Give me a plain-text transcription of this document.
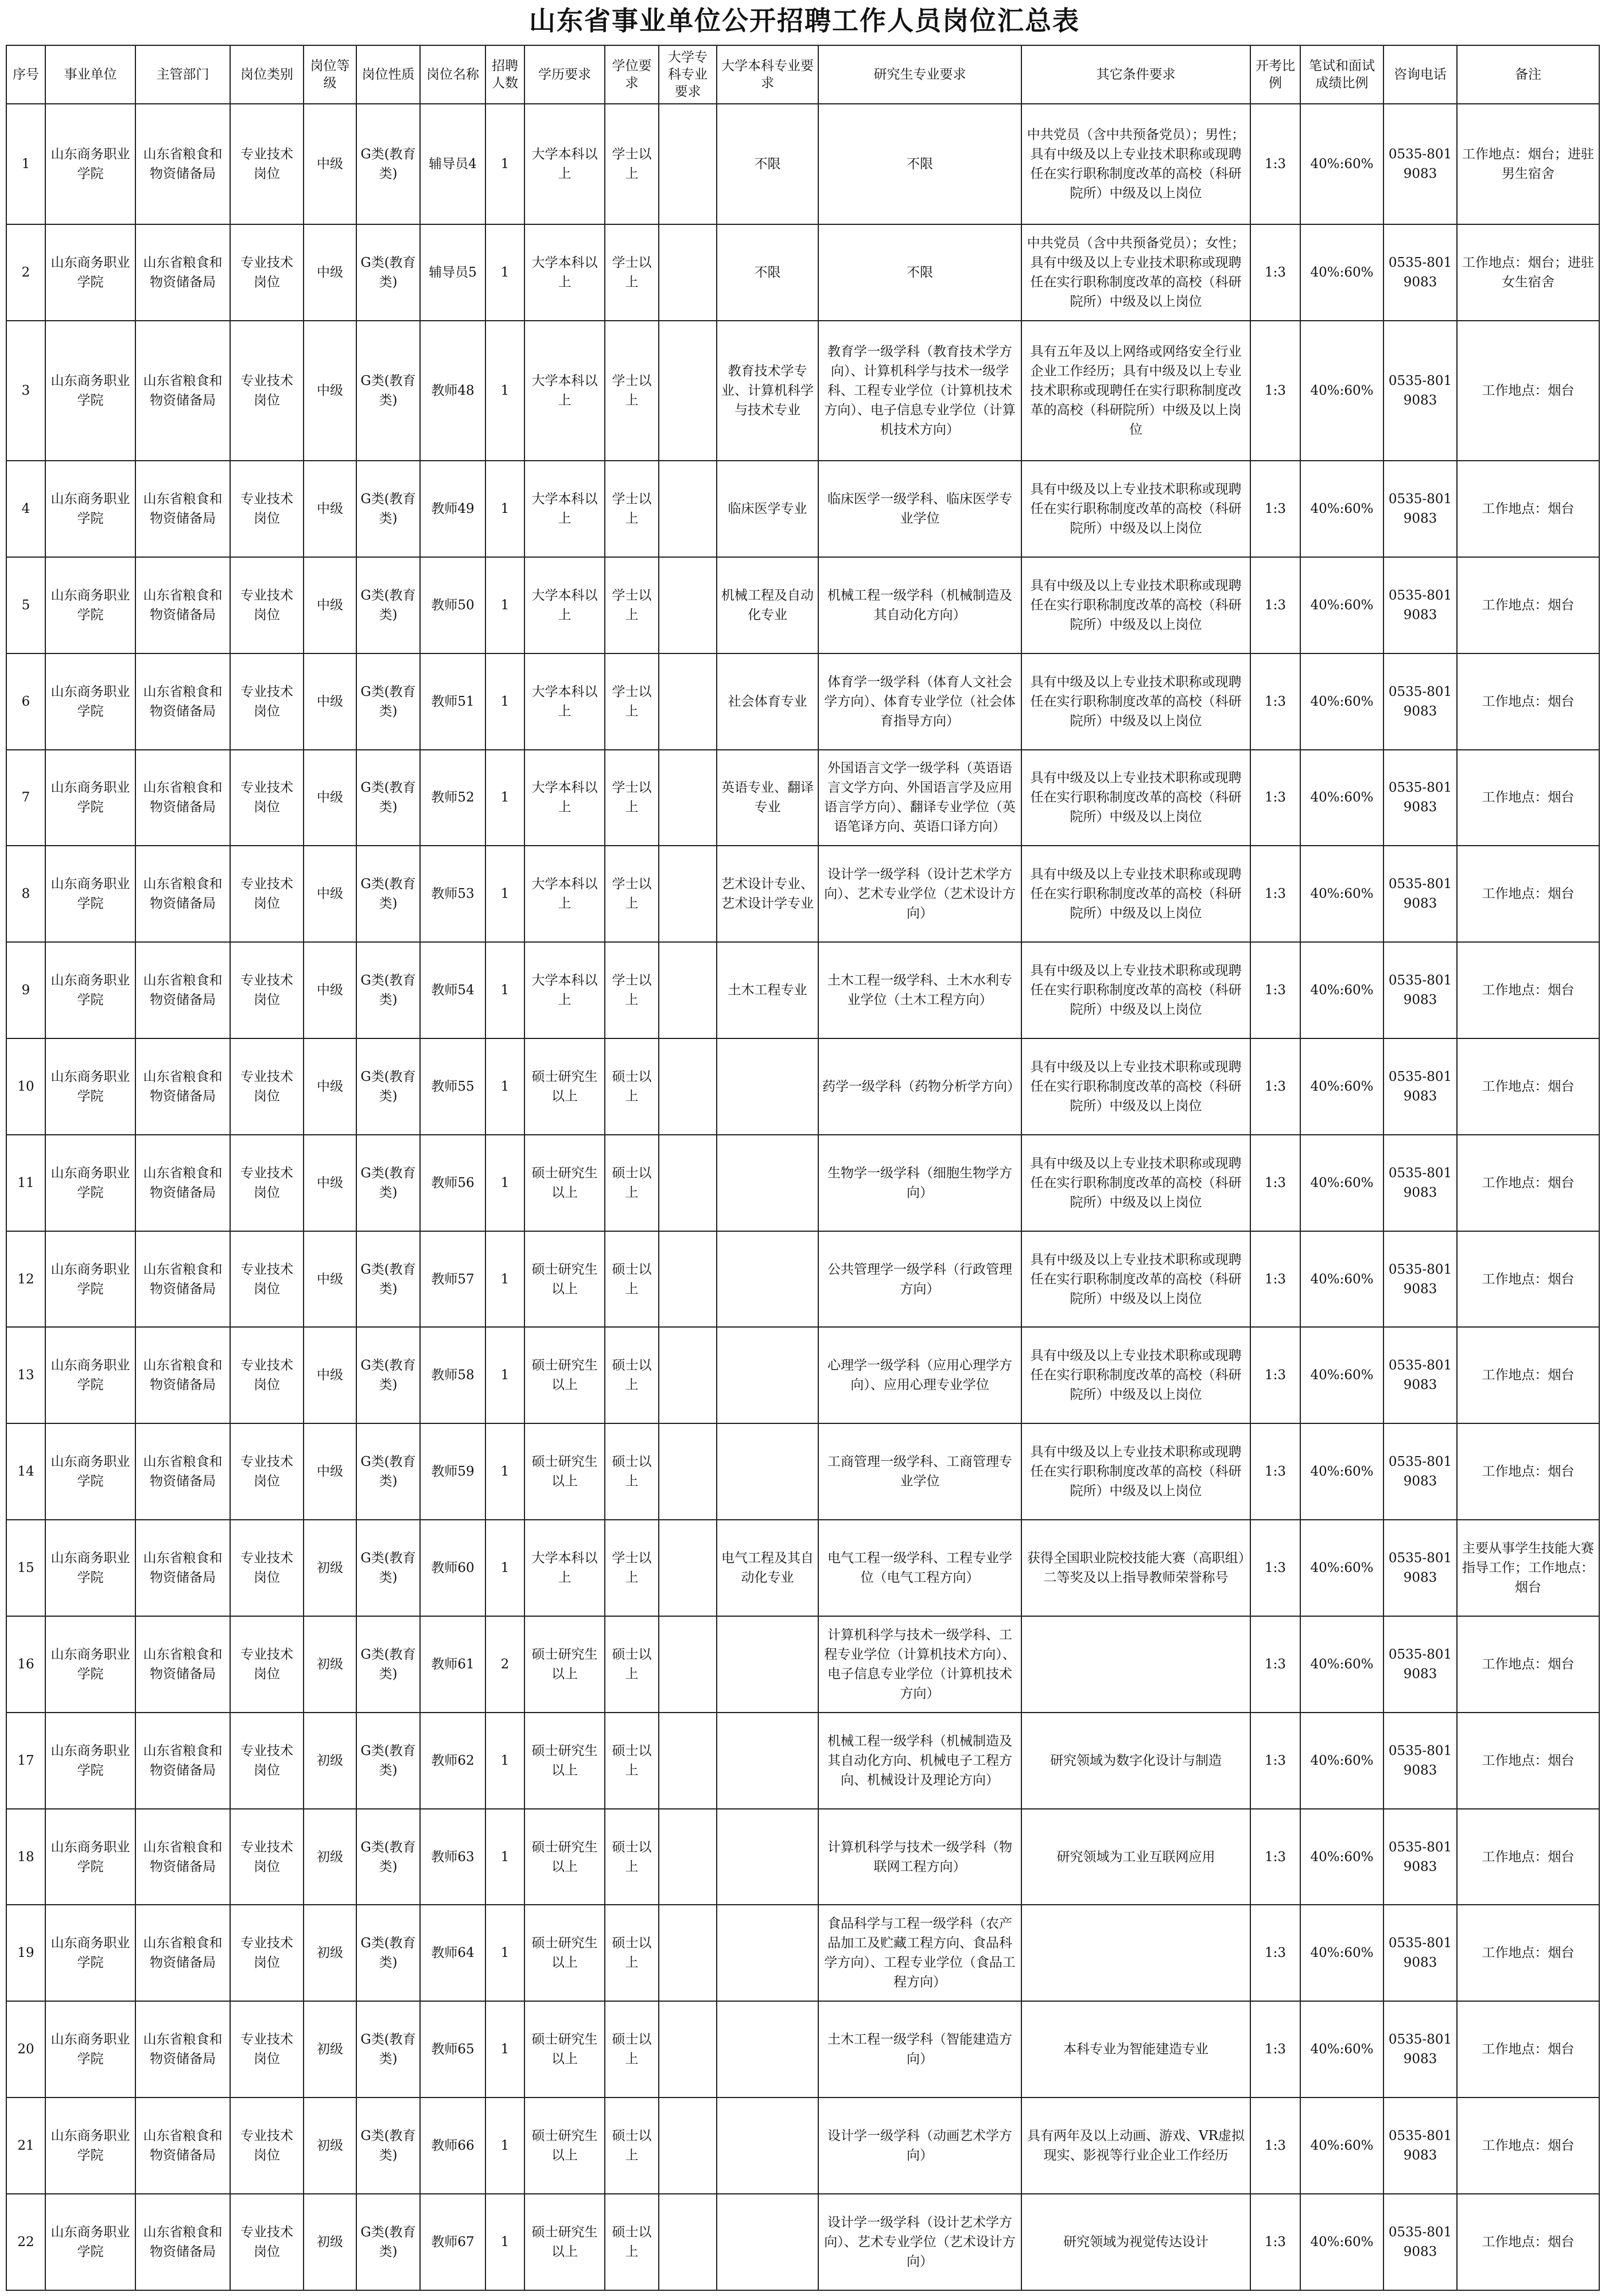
山东省事业单位公开招聘工作人员岗位汇总表
序号	事业单位	主管部门	岗位类别	岗位等级	岗位性质	岗位名称	招聘人数	学历要求	学位要求	大学专科专业要求	大学本科专业要求	研究生专业要求	其它条件要求	开考比例	笔试和面试成绩比例	咨询电话	备注
1	山东商务职业学院	山东省粮食和物资储备局	专业技术岗位	中级	G类(教育类)	辅导员4	1	大学本科以上	学士以上		不限	不限	中共党员（含中共预备党员）；男性；具有中级及以上专业技术职称或现聘任在实行职称制度改革的高校（科研院所）中级及以上岗位	1:3	40%:60%	0535-8019083	工作地点：烟台；进驻男生宿舍
2	山东商务职业学院	山东省粮食和物资储备局	专业技术岗位	中级	G类(教育类)	辅导员5	1	大学本科以上	学士以上		不限	不限	中共党员（含中共预备党员）；女性；具有中级及以上专业技术职称或现聘任在实行职称制度改革的高校（科研院所）中级及以上岗位	1:3	40%:60%	0535-8019083	工作地点：烟台；进驻女生宿舍
3	山东商务职业学院	山东省粮食和物资储备局	专业技术岗位	中级	G类(教育类)	教师48	1	大学本科以上	学士以上		教育技术学专业、计算机科学与技术专业	教育学一级学科（教育技术学方向）、计算机科学与技术一级学科、工程专业学位（计算机技术方向）、电子信息专业学位（计算机技术方向）	具有五年及以上网络或网络安全行业企业工作经历；具有中级及以上专业技术职称或现聘任在实行职称制度改革的高校（科研院所）中级及以上岗位	1:3	40%:60%	0535-8019083	工作地点：烟台
4	山东商务职业学院	山东省粮食和物资储备局	专业技术岗位	中级	G类(教育类)	教师49	1	大学本科以上	学士以上		临床医学专业	临床医学一级学科、临床医学专业学位	具有中级及以上专业技术职称或现聘任在实行职称制度改革的高校（科研院所）中级及以上岗位	1:3	40%:60%	0535-8019083	工作地点：烟台
5	山东商务职业学院	山东省粮食和物资储备局	专业技术岗位	中级	G类(教育类)	教师50	1	大学本科以上	学士以上		机械工程及自动化专业	机械工程一级学科（机械制造及其自动化方向）	具有中级及以上专业技术职称或现聘任在实行职称制度改革的高校（科研院所）中级及以上岗位	1:3	40%:60%	0535-8019083	工作地点：烟台
6	山东商务职业学院	山东省粮食和物资储备局	专业技术岗位	中级	G类(教育类)	教师51	1	大学本科以上	学士以上		社会体育专业	体育学一级学科（体育人文社会学方向）、体育专业学位（社会体育指导方向）	具有中级及以上专业技术职称或现聘任在实行职称制度改革的高校（科研院所）中级及以上岗位	1:3	40%:60%	0535-8019083	工作地点：烟台
7	山东商务职业学院	山东省粮食和物资储备局	专业技术岗位	中级	G类(教育类)	教师52	1	大学本科以上	学士以上		英语专业、翻译专业	外国语言文学一级学科（英语语言文学方向、外国语言学及应用语言学方向）、翻译专业学位（英语笔译方向、英语口译方向）	具有中级及以上专业技术职称或现聘任在实行职称制度改革的高校（科研院所）中级及以上岗位	1:3	40%:60%	0535-8019083	工作地点：烟台
8	山东商务职业学院	山东省粮食和物资储备局	专业技术岗位	中级	G类(教育类)	教师53	1	大学本科以上	学士以上		艺术设计专业、艺术设计学专业	设计学一级学科（设计艺术学方向）、艺术专业学位（艺术设计方向）	具有中级及以上专业技术职称或现聘任在实行职称制度改革的高校（科研院所）中级及以上岗位	1:3	40%:60%	0535-8019083	工作地点：烟台
9	山东商务职业学院	山东省粮食和物资储备局	专业技术岗位	中级	G类(教育类)	教师54	1	大学本科以上	学士以上		土木工程专业	土木工程一级学科、土木水利专业学位（土木工程方向）	具有中级及以上专业技术职称或现聘任在实行职称制度改革的高校（科研院所）中级及以上岗位	1:3	40%:60%	0535-8019083	工作地点：烟台
10	山东商务职业学院	山东省粮食和物资储备局	专业技术岗位	中级	G类(教育类)	教师55	1	硕士研究生以上	硕士以上			药学一级学科（药物分析学方向）	具有中级及以上专业技术职称或现聘任在实行职称制度改革的高校（科研院所）中级及以上岗位	1:3	40%:60%	0535-8019083	工作地点：烟台
11	山东商务职业学院	山东省粮食和物资储备局	专业技术岗位	中级	G类(教育类)	教师56	1	硕士研究生以上	硕士以上			生物学一级学科（细胞生物学方向）	具有中级及以上专业技术职称或现聘任在实行职称制度改革的高校（科研院所）中级及以上岗位	1:3	40%:60%	0535-8019083	工作地点：烟台
12	山东商务职业学院	山东省粮食和物资储备局	专业技术岗位	中级	G类(教育类)	教师57	1	硕士研究生以上	硕士以上			公共管理学一级学科（行政管理方向）	具有中级及以上专业技术职称或现聘任在实行职称制度改革的高校（科研院所）中级及以上岗位	1:3	40%:60%	0535-8019083	工作地点：烟台
13	山东商务职业学院	山东省粮食和物资储备局	专业技术岗位	中级	G类(教育类)	教师58	1	硕士研究生以上	硕士以上			心理学一级学科（应用心理学方向）、应用心理专业学位	具有中级及以上专业技术职称或现聘任在实行职称制度改革的高校（科研院所）中级及以上岗位	1:3	40%:60%	0535-8019083	工作地点：烟台
14	山东商务职业学院	山东省粮食和物资储备局	专业技术岗位	中级	G类(教育类)	教师59	1	硕士研究生以上	硕士以上			工商管理一级学科、工商管理专业学位	具有中级及以上专业技术职称或现聘任在实行职称制度改革的高校（科研院所）中级及以上岗位	1:3	40%:60%	0535-8019083	工作地点：烟台
15	山东商务职业学院	山东省粮食和物资储备局	专业技术岗位	初级	G类(教育类)	教师60	1	大学本科以上	学士以上		电气工程及其自动化专业	电气工程一级学科、工程专业学位（电气工程方向）	获得全国职业院校技能大赛（高职组）二等奖及以上指导教师荣誉称号	1:3	40%:60%	0535-8019083	主要从事学生技能大赛指导工作；工作地点：烟台
16	山东商务职业学院	山东省粮食和物资储备局	专业技术岗位	初级	G类(教育类)	教师61	2	硕士研究生以上	硕士以上			计算机科学与技术一级学科、工程专业学位（计算机技术方向）、电子信息专业学位（计算机技术方向）		1:3	40%:60%	0535-8019083	工作地点：烟台
17	山东商务职业学院	山东省粮食和物资储备局	专业技术岗位	初级	G类(教育类)	教师62	1	硕士研究生以上	硕士以上			机械工程一级学科（机械制造及其自动化方向、机械电子工程方向、机械设计及理论方向）	研究领域为数字化设计与制造	1:3	40%:60%	0535-8019083	工作地点：烟台
18	山东商务职业学院	山东省粮食和物资储备局	专业技术岗位	初级	G类(教育类)	教师63	1	硕士研究生以上	硕士以上			计算机科学与技术一级学科（物联网工程方向）	研究领域为工业互联网应用	1:3	40%:60%	0535-8019083	工作地点：烟台
19	山东商务职业学院	山东省粮食和物资储备局	专业技术岗位	初级	G类(教育类)	教师64	1	硕士研究生以上	硕士以上			食品科学与工程一级学科（农产品加工及贮藏工程方向、食品科学方向）、工程专业学位（食品工程方向）		1:3	40%:60%	0535-8019083	工作地点：烟台
20	山东商务职业学院	山东省粮食和物资储备局	专业技术岗位	初级	G类(教育类)	教师65	1	硕士研究生以上	硕士以上			土木工程一级学科（智能建造方向）	本科专业为智能建造专业	1:3	40%:60%	0535-8019083	工作地点：烟台
21	山东商务职业学院	山东省粮食和物资储备局	专业技术岗位	初级	G类(教育类)	教师66	1	硕士研究生以上	硕士以上			设计学一级学科（动画艺术学方向）	具有两年及以上动画、游戏、VR虚拟现实、影视等行业企业工作经历	1:3	40%:60%	0535-8019083	工作地点：烟台
22	山东商务职业学院	山东省粮食和物资储备局	专业技术岗位	初级	G类(教育类)	教师67	1	硕士研究生以上	硕士以上			设计学一级学科（设计艺术学方向）、艺术专业学位（艺术设计方向）	研究领域为视觉传达设计	1:3	40%:60%	0535-8019083	工作地点：烟台
